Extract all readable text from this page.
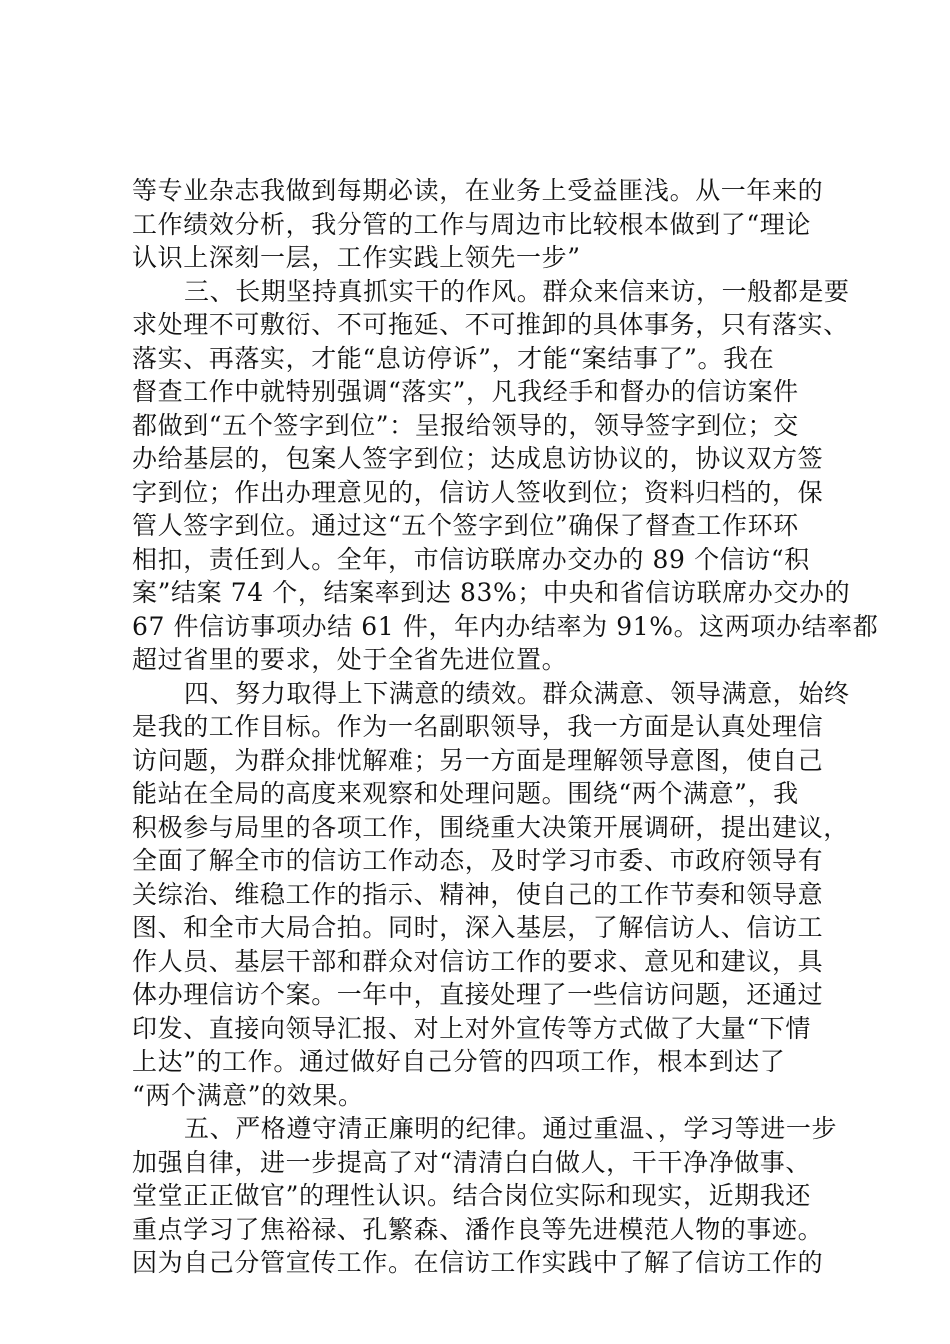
等专业杂志我做到每期必读，在业务上受益匪浅。从一年来的
工作绩效分析，我分管的工作与周边市比较根本做到了“理论
认识上深刻一层，工作实践上领先一步”
三、长期坚持真抓实干的作风。群众来信来访，一般都是要
求处理不可敷衍、不可拖延、不可推卸的具体事务，只有落实、
落实、再落实，才能“息访停诉”，才能“案结事了”。我在
督查工作中就特别强调“落实”，凡我经手和督办的信访案件
都做到“五个签字到位”：呈报给领导的，领导签字到位；交
办给基层的，包案人签字到位；达成息访协议的，协议双方签
字到位；作出办理意见的，信访人签收到位；资料归档的，保
管人签字到位。通过这“五个签字到位”确保了督查工作环环
相扣，责任到人。全年，市信访联席办交办的 89 个信访“积
案”结案 74 个，结案率到达 83%；中央和省信访联席办交办的
67 件信访事项办结 61 件，年内办结率为 91%。这两项办结率都
超过省里的要求，处于全省先进位置。
四、努力取得上下满意的绩效。群众满意、领导满意，始终
是我的工作目标。作为一名副职领导，我一方面是认真处理信
访问题，为群众排忧解难；另一方面是理解领导意图，使自己
能站在全局的高度来观察和处理问题。围绕“两个满意”，我
积极参与局里的各项工作，围绕重大决策开展调研，提出建议，
全面了解全市的信访工作动态，及时学习市委、市政府领导有
关综治、维稳工作的指示、精神，使自己的工作节奏和领导意
图、和全市大局合拍。同时，深入基层，了解信访人、信访工
作人员、基层干部和群众对信访工作的要求、意见和建议，具
体办理信访个案。一年中，直接处理了一些信访问题，还通过
印发、直接向领导汇报、对上对外宣传等方式做了大量“下情
上达”的工作。通过做好自己分管的四项工作，根本到达了
“两个满意”的效果。
五、严格遵守清正廉明的纪律。通过重温、，学习等进一步
加强自律，进一步提高了对“清清白白做人，干干净净做事、
堂堂正正做官”的理性认识。结合岗位实际和现实，近期我还
重点学习了焦裕禄、孔繁森、潘作良等先进模范人物的事迹。
因为自己分管宣传工作。在信访工作实践中了解了信访工作的
